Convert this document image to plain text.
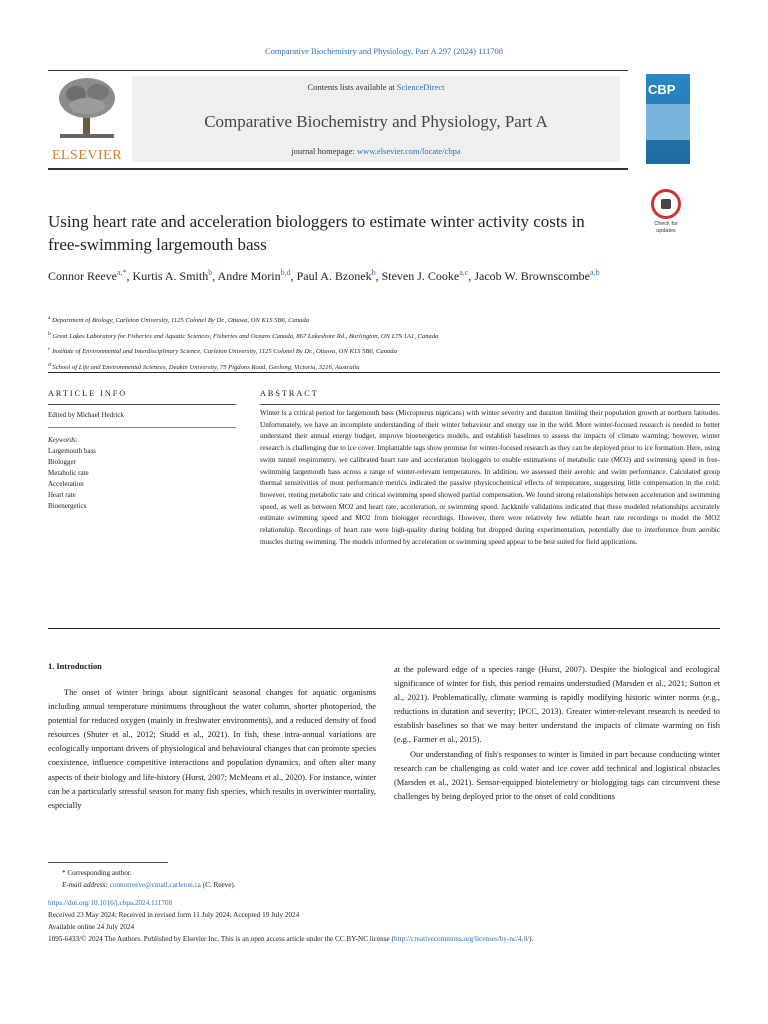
Comparative Biochemistry and Physiology, Part A 297 (2024) 111708
ELSEVIER
Contents lists available at ScienceDirect
Comparative Biochemistry and Physiology, Part A
journal homepage: www.elsevier.com/locate/cbpa
CBP
Using heart rate and acceleration biologgers to estimate winter activity costs in free-swimming largemouth bass
Check for updates
Connor Reeve$^{a,*}$, Kurtis A. Smith$^b$, Andre Morin$^{b,d}$, Paul A. Bzonek$^b$, Steven J. Cooke$^{a,c}$, Jacob W. Brownscombe$^{a,b}$
$^a$ Department of Biology, Carleton University, 1125 Colonel By Dr., Ottawa, ON K1S 5B6, Canada
$^b$ Great Lakes Laboratory for Fisheries and Aquatic Sciences, Fisheries and Oceans Canada, 867 Lakeshore Rd., Burlington, ON L7S 1A1, Canada
$^c$ Institute of Environmental and Interdisciplinary Science, Carleton University, 1125 Colonel By Dr., Ottawa, ON K1S 5B6, Canada
$^d$ School of Life and Environmental Sciences, Deakin University, 75 Pigdons Road, Geelong, Victoria, 3216, Australia
ARTICLE INFO	ABSTRACT
Edited by Michael Hedrick
Keywords:
Largemouth bass
Biologger
Metabolic rate
Acceleration
Heart rate
Bioenergetics
Winter is a critical period for largemouth bass (Micropterus nigricans) with winter severity and duration limiting their population growth at northern latitudes. Unfortunately, we have an incomplete understanding of their winter behaviour and energy use in the wild. More winter-focused research is needed to better understand their annual energy budget, improve bioenergetics models, and establish baselines to assess the impacts of climate warming; however, winter research is challenging due to ice cover. Implantable tags show promise for winter-focused research as they can be deployed prior to ice formation. Here, using swim tunnel respirometry, we calibrated heart rate and acceleration biologgers to enable estimations of metabolic rate (ṀO2) and swimming speed in free-swimming largemouth bass across a range of winter-relevant temperatures. In addition, we assessed their aerobic and swim performance. Calculated group thermal sensitivities of most performance metrics indicated the passive physicochemical effects of temperature, suggesting little compensation in the cold; however, resting metabolic rate and critical swimming speed showed partial compensation. We found strong relationships between acceleration and swimming speed, as well as between ṀO2 and heart rate, acceleration, or swimming speed. Jackknife validations indicated that these modeled relationships accurately estimate swimming speed and ṀO2 from biologger recordings. However, there were relatively few reliable heart rate recordings to model the ṀO2 relationship. Recordings of heart rate were high-quality during holding but dropped during experimentation, potentially due to interference from aerobic muscles during swimming. The models informed by acceleration or swimming speed appear to be best suited for field applications.
1. Introduction
The onset of winter brings about significant seasonal changes for aquatic organisms including annual temperature minimums throughout the water column, shorter photoperiod, the potential for reduced oxygen (mainly in freshwater environments), and a reduced density of food resources (Shuter et al., 2012; Studd et al., 2021). In fish, these intra-annual variations are ecologically important drivers of physiological and behavioural changes that can promote species coexistence, influence competitive interactions and population dynamics, and often alter many aspects of their biology and life-history (Hurst, 2007; McMeans et al., 2020). For instance, winter can be a particularly stressful season for many fish species, which results in overwinter mortality, especially

at the poleward edge of a species range (Hurst, 2007). Despite the biological and ecological significance of winter for fish, this period remains understudied (Marsden et al., 2021; Sutton et al., 2021). Problematically, climate warming is rapidly modifying historic winter norms (e.g., reductions in duration and severity; IPCC, 2013). Greater winter-relevant research is needed to establish baselines so that we may better understand the impacts of climate warming on fish (e.g., Farmer et al., 2015).

Our understanding of fish's responses to winter is limited in part because conducting winter research can be challenging as cold water and ice cover add technical and logistical obstacles (Marsden et al., 2021). Sensor-equipped biotelemetry or biologging tags can circumvent these challenges by being deployed prior to the onset of cold conditions

* Corresponding author.
E-mail address: connorreeve@cmail.carleton.ca (C. Reeve).
https://doi.org/10.1016/j.cbpa.2024.111708
Received 23 May 2024; Received in revised form 11 July 2024; Accepted 19 July 2024
Available online 24 July 2024
1095-6433/© 2024 The Authors. Published by Elsevier Inc. This is an open access article under the CC BY-NC license (http://creativecommons.org/licenses/by-nc/4.0/).
